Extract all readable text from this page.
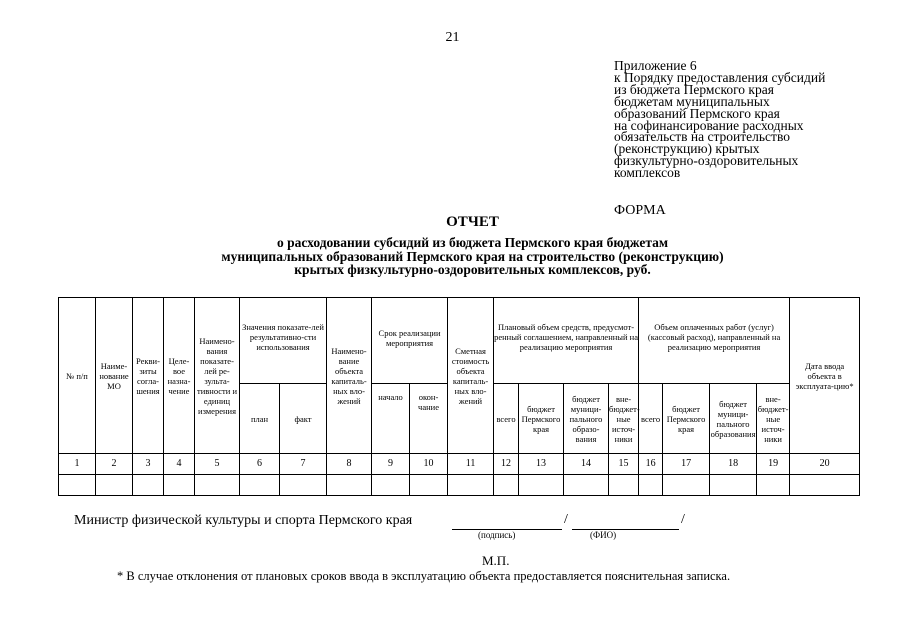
21
Приложение 6
к Порядку предоставления субсидий
из бюджета Пермского края
бюджетам муниципальных
образований Пермского края
на софинансирование расходных
обязательств на строительство
(реконструкцию) крытых
физкультурно-оздоровительных
комплексов
ФОРМА
ОТЧЕТ
о расходовании субсидий из бюджета Пермского края бюджетам
муниципальных образований Пермского края на строительство (реконструкцию)
крытых физкультурно-оздоровительных комплексов, руб.
№ п/п	Наиме-нование МО	Рекви-зиты согла-шения	Целе-вое назна-чение	Наимено-вания показате-лей ре-зульта-тивности и единиц измерения	Значения показате-лей результативно-сти использования		Наимено-вание объекта капиталь-ных вло-жений	Срок реализации мероприятия		Сметная стоимость объекта капиталь-ных вло-жений	Плановый объем средств, предусмот-ренный соглашением, направленный на реализацию мероприятия				Объем оплаченных работ (услуг) (кассовый расход), направленный на реализацию мероприятия				Дата ввода объекта в эксплуата-цию*
					план	факт		начало	окон-чание		всего	бюджет Пермского края	бюджет муници-пального образо-вания	вне-бюджет-ные источ-ники	всего	бюджет Пермского края	бюджет муници-пального образования	вне-бюджет-ные источ-ники	
1	2	3	4	5	6	7	8	9	10	11	12	13	14	15	16	17	18	19	20

Министр физической культуры и спорта Пермского края	/	/
(подпись)	(ФИО)
М.П.
* В случае отклонения от плановых сроков ввода в эксплуатацию объекта предоставляется пояснительная записка.
